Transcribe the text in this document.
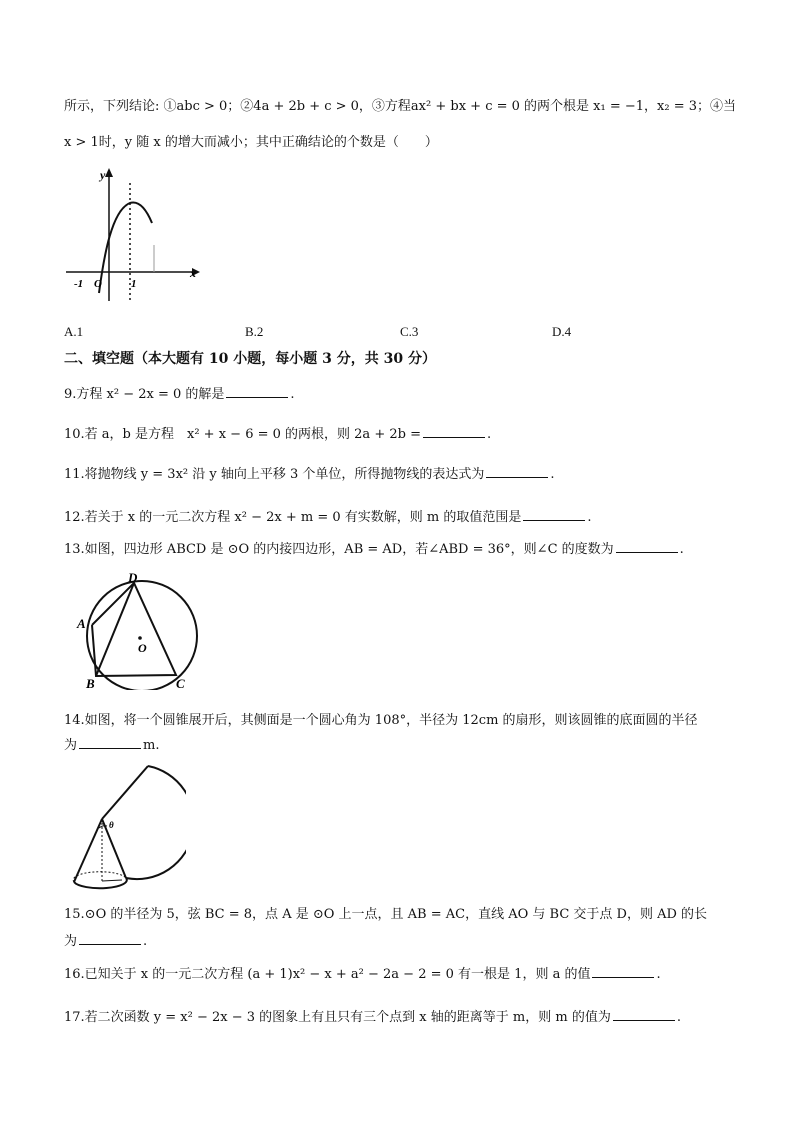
所示，下列结论: ①abc > 0；②4a + 2b + c > 0，③方程ax² + bx + c = 0 的两个根是 x₁ = −1，x₂ = 3；④当
x > 1时，y 随 x 的增大而减小；其中正确结论的个数是（　　）
y
x
-1 O	1
A.1	B.2	C.3	D.4
二、填空题（本大题有 10 小题，每小题 3 分，共 30 分）
9.方程 x² − 2x = 0 的解是	.
10.若 a，b 是方程　x² + x − 6 = 0 的两根，则 2a + 2b =	.
11.将抛物线 y = 3x² 沿 y 轴向上平移 3 个单位，所得抛物线的表达式为	.
12.若关于 x 的一元二次方程 x² − 2x + m = 0 有实数解，则 m 的取值范围是	.
13.如图，四边形 ABCD 是 ⊙O 的内接四边形，AB = AD，若∠ABD = 36°，则∠C 的度数为	.
A
B	C
D
O
14.如图，将一个圆锥展开后，其侧面是一个圆心角为 108°，半径为 12cm 的扇形，则该圆锥的底面圆的半径
为	m.
θ
15.⊙O 的半径为 5，弦 BC = 8，点 A 是 ⊙O 上一点，且 AB = AC，直线 AO 与 BC 交于点 D，则 AD 的长
为	.
16.已知关于 x 的一元二次方程 (a + 1)x² − x + a² − 2a − 2 = 0 有一根是 1，则 a 的值	.
17.若二次函数 y = x² − 2x − 3 的图象上有且只有三个点到 x 轴的距离等于 m，则 m 的值为	.
